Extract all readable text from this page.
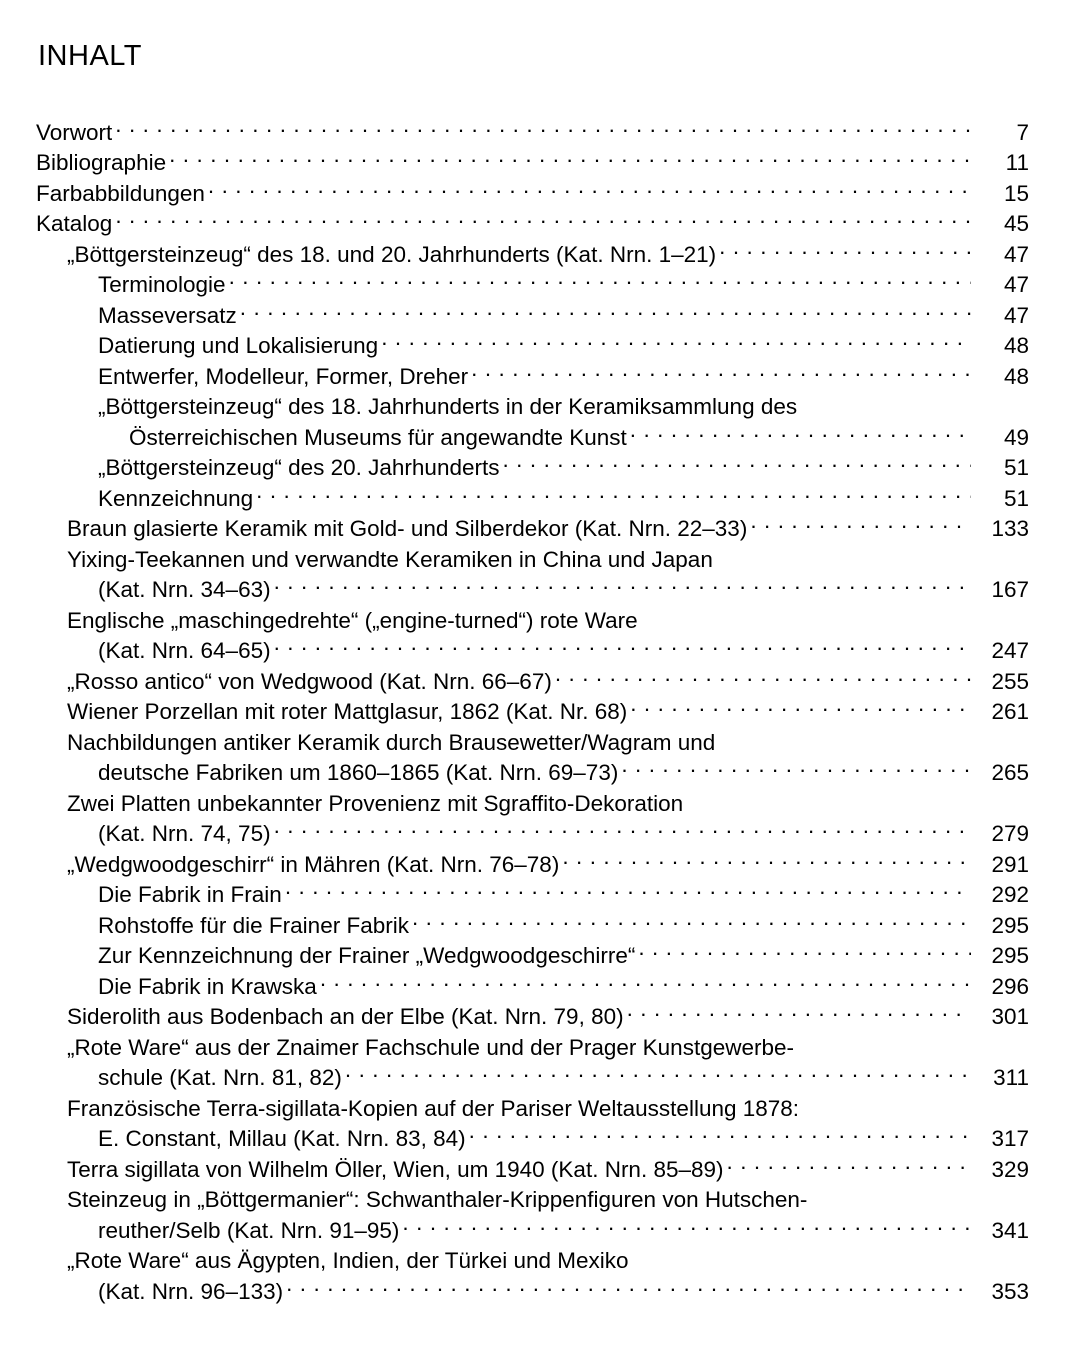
INHALT
Vorwort . . .	7
Bibliographie . . .	11
Farbabbildungen . . .	15
Katalog . . .	45
„Böttgersteinzeug“ des 18. und 20. Jahrhunderts (Kat. Nrn. 1–21) . . .	47
Terminologie . . .	47
Masseversatz . . .	47
Datierung und Lokalisierung . . .	48
Entwerfer, Modelleur, Former, Dreher . . .	48
„Böttgersteinzeug“ des 18. Jahrhunderts in der Keramiksammlung des
Österreichischen Museums für angewandte Kunst . . .	49
„Böttgersteinzeug“ des 20. Jahrhunderts . . .	51
Kennzeichnung . . .	51
Braun glasierte Keramik mit Gold- und Silberdekor (Kat. Nrn. 22–33) . . .	133
Yixing-Teekannen und verwandte Keramiken in China und Japan
(Kat. Nrn. 34–63) . . .	167
Englische „maschingedrehte“ („engine-turned“) rote Ware
(Kat. Nrn. 64–65) . . .	247
„Rosso antico“ von Wedgwood (Kat. Nrn. 66–67) . . .	255
Wiener Porzellan mit roter Mattglasur, 1862 (Kat. Nr. 68) . . .	261
Nachbildungen antiker Keramik durch Brausewetter/Wagram und
deutsche Fabriken um 1860–1865 (Kat. Nrn. 69–73) . . .	265
Zwei Platten unbekannter Provenienz mit Sgraffito-Dekoration
(Kat. Nrn. 74, 75) . . .	279
„Wedgwoodgeschirr“ in Mähren (Kat. Nrn. 76–78) . . .	291
Die Fabrik in Frain . . .	292
Rohstoffe für die Frainer Fabrik . . .	295
Zur Kennzeichnung der Frainer „Wedgwoodgeschirre“ . . .	295
Die Fabrik in Krawska . . .	296
Siderolith aus Bodenbach an der Elbe (Kat. Nrn. 79, 80) . . .	301
„Rote Ware“ aus der Znaimer Fachschule und der Prager Kunstgewerbe-
schule (Kat. Nrn. 81, 82) . . .	311
Französische Terra-sigillata-Kopien auf der Pariser Weltausstellung 1878:
E. Constant, Millau (Kat. Nrn. 83, 84) . . .	317
Terra sigillata von Wilhelm Öller, Wien, um 1940 (Kat. Nrn. 85–89) . . .	329
Steinzeug in „Böttgermanier“: Schwanthaler-Krippenfiguren von Hutschen-
reuther/Selb (Kat. Nrn. 91–95) . . .	341
„Rote Ware“ aus Ägypten, Indien, der Türkei und Mexiko
(Kat. Nrn. 96–133) . . .	353
